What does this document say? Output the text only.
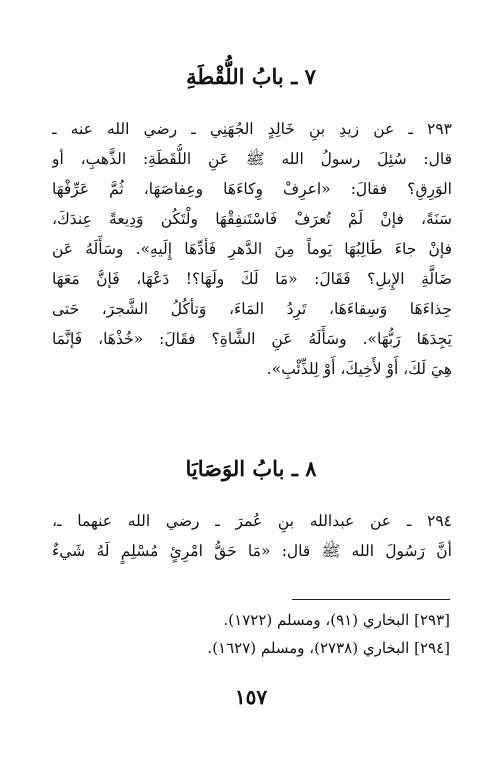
٧ ـ بابُ اللُّقْطَةِ
٢٩٣ ـ عن زيدِ بنِ خَالِدٍ الجُهَنِي ـ رضي الله عنه ـ
قال: سُئِلَ رسولُ الله ﷺ عَنِ اللُّقَطَةِ: الذَّهبِ، أو
الوَرِقِ؟ فقالَ: «اعرِفْ وِكاءَهَا وعِفاصَهَا، ثُمَّ عَرِّفْهَا
سَنَةً، فإنْ لَمْ تُعرَفْ فَاسْتَنفِقْهَا ولْتَكُن وَدِيعةً عِندَكَ،
فإنْ جاءَ طَالِبُهَا يَوماً مِنَ الدَّهرِ فَأدِّهَا إِلَيهِ». وسَأَلَهُ عَن
ضَالَّةِ الإِبلِ؟ فَقَالَ: «مَا لَكَ ولَهَا؟! دَعْهَا، فَإنَّ مَعَهَا
حِذاءَهَا وَسِقاءَهَا، تَرِدُ المَاءَ، وَتأكُلُ الشَّجرَ، حَتى
يَجِدَهَا رَبُّهَا». وسَأَلَهُ عَنِ الشَّاةِ؟ فقَالَ: «خُذْهَا، فَإنَّمَا
هِيَ لَكَ، أَوْ لأَخِيكَ، أَوْ لِلذِّئْبِ».
٨ ـ بابُ الوَصَايَا
٢٩٤ ـ عن عبدالله بنِ عُمرَ ـ رضي الله عنهما ـ،
أنَّ رَسُولَ الله ﷺ قال: «مَا حَقُّ امْرِئٍ مُسْلِمٍ لَهُ شَيءٌ
[٢٩٣] البخاري (٩١)، ومسلم (١٧٢٢).
[٢٩٤] البخاري (٢٧٣٨)، ومسلم (١٦٢٧).
١٥٧
